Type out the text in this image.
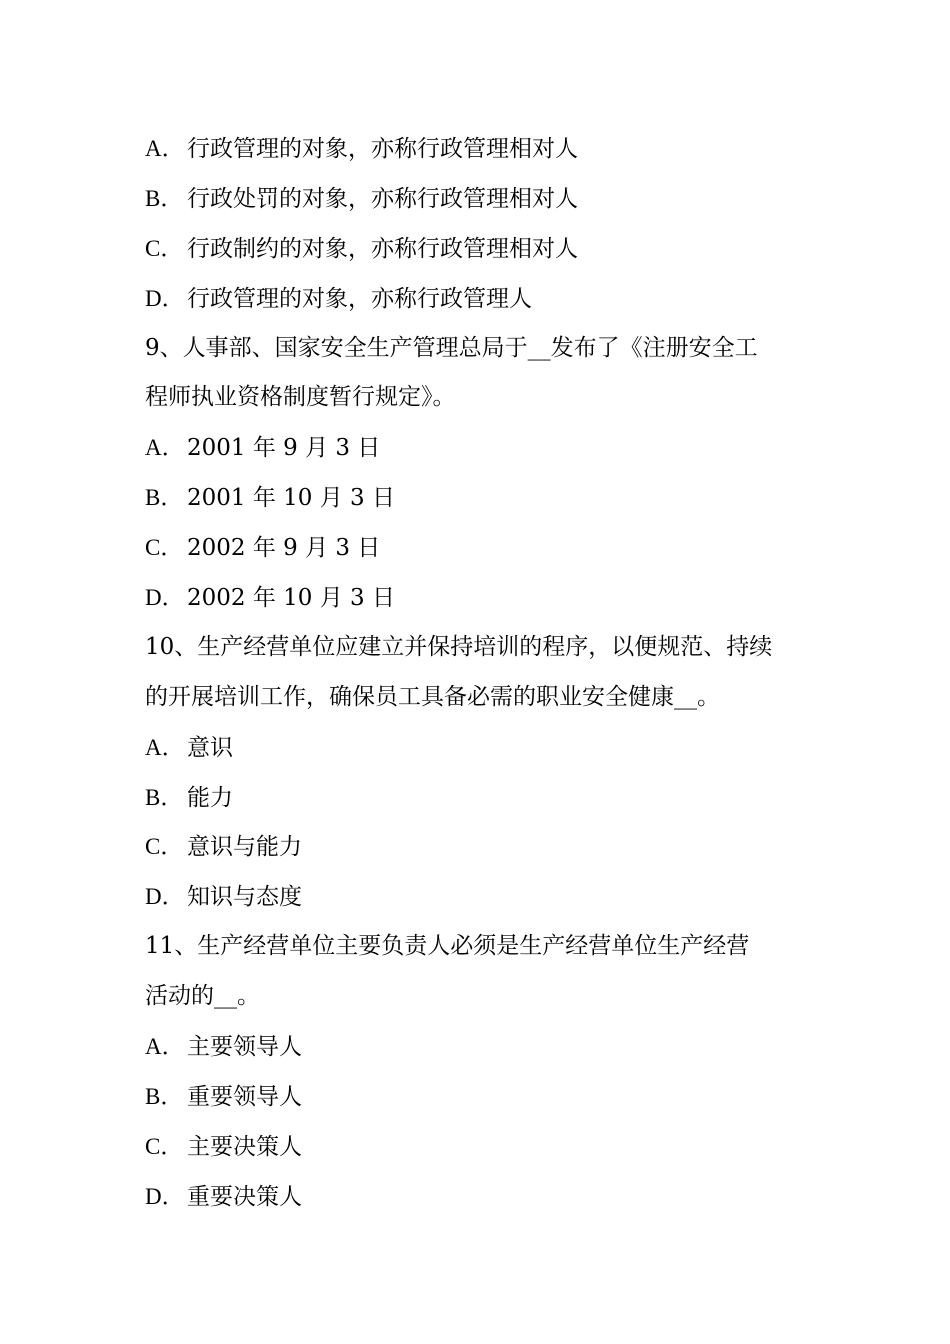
A． 行政管理的对象，亦称行政管理相对人
B． 行政处罚的对象，亦称行政管理相对人
C． 行政制约的对象，亦称行政管理相对人
D． 行政管理的对象，亦称行政管理人
9、人事部、国家安全生产管理总局于__发布了《注册安全工
程师执业资格制度暂行规定》。
A． 2001 年 9 月 3 日
B． 2001 年 10 月 3 日
C． 2002 年 9 月 3 日
D． 2002 年 10 月 3 日
10、生产经营单位应建立并保持培训的程序，以便规范、持续
的开展培训工作，确保员工具备必需的职业安全健康__。
A． 意识
B． 能力
C． 意识与能力
D． 知识与态度
11、生产经营单位主要负责人必须是生产经营单位生产经营
活动的__。
A． 主要领导人
B． 重要领导人
C． 主要决策人
D． 重要决策人
